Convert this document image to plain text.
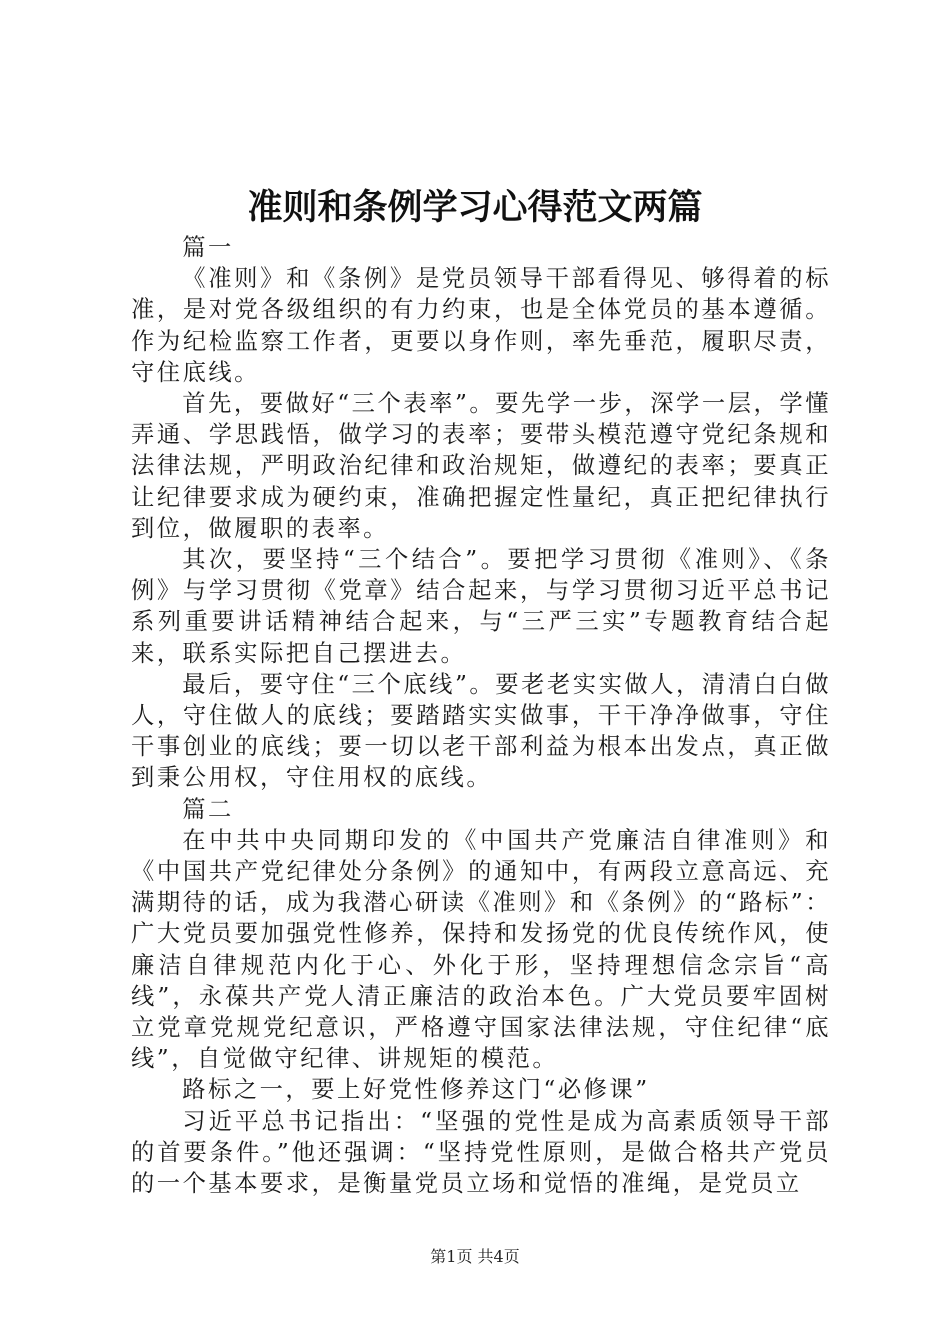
准则和条例学习心得范文两篇

篇一

《准则》和《条例》是党员领导干部看得见、够得着的标准，是对党各级组织的有力约束，也是全体党员的基本遵循。作为纪检监察工作者，更要以身作则，率先垂范，履职尽责，守住底线。

首先，要做好“三个表率”。要先学一步，深学一层，学懂弄通、学思践悟，做学习的表率；要带头模范遵守党纪条规和法律法规，严明政治纪律和政治规矩，做遵纪的表率；要真正让纪律要求成为硬约束，准确把握定性量纪，真正把纪律执行到位，做履职的表率。

其次，要坚持“三个结合”。要把学习贯彻《准则》、《条例》与学习贯彻《党章》结合起来，与学习贯彻习近平总书记系列重要讲话精神结合起来，与“三严三实”专题教育结合起来，联系实际把自己摆进去。

最后，要守住“三个底线”。要老老实实做人，清清白白做人，守住做人的底线；要踏踏实实做事，干干净净做事，守住干事创业的底线；要一切以老干部利益为根本出发点，真正做到秉公用权，守住用权的底线。

篇二

在中共中央同期印发的《中国共产党廉洁自律准则》和《中国共产党纪律处分条例》的通知中，有两段立意高远、充满期待的话，成为我潜心研读《准则》和《条例》的“路标”：广大党员要加强党性修养，保持和发扬党的优良传统作风，使廉洁自律规范内化于心、外化于形，坚持理想信念宗旨“高线”，永葆共产党人清正廉洁的政治本色。广大党员要牢固树立党章党规党纪意识，严格遵守国家法律法规，守住纪律“底线”，自觉做守纪律、讲规矩的模范。

路标之一，要上好党性修养这门“必修课”

习近平总书记指出：“坚强的党性是成为高素质领导干部的首要条件。”他还强调：“坚持党性原则，是做合格共产党员的一个基本要求，是衡量党员立场和觉悟的准绳，是党员立

第1页 共4页
